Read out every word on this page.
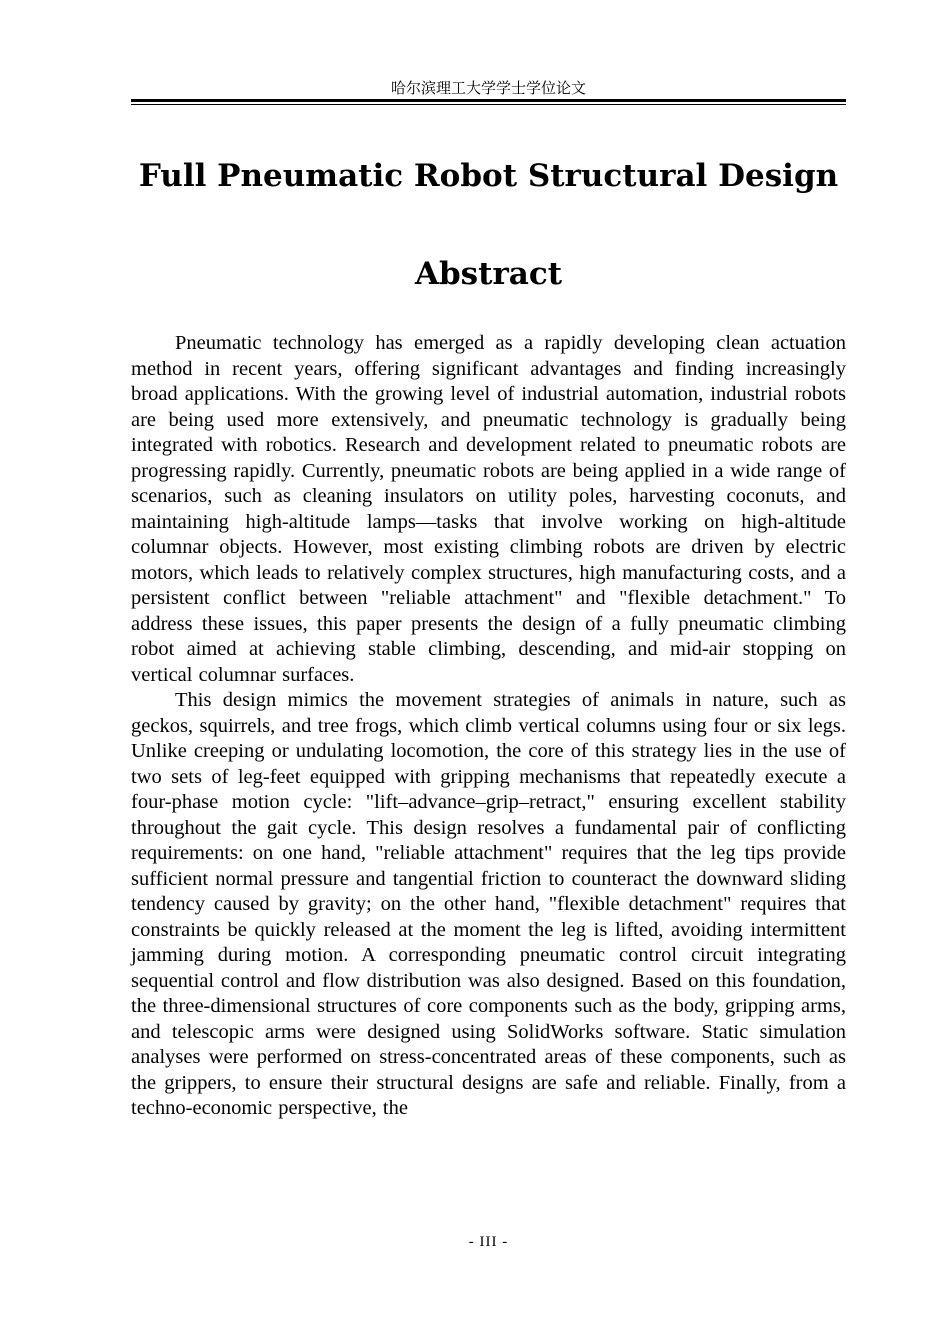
哈尔滨理工大学学士学位论文
Full Pneumatic Robot Structural Design
Abstract

Pneumatic technology has emerged as a rapidly developing clean actuation method in recent years, offering significant advantages and finding increasingly broad applications. With the growing level of industrial automation, industrial robots are being used more extensively, and pneumatic technology is gradually being integrated with robotics. Research and development related to pneumatic robots are progressing rapidly. Currently, pneumatic robots are being applied in a wide range of scenarios, such as cleaning insulators on utility poles, harvesting coconuts, and maintaining high-altitude lamps—tasks that involve working on high-altitude columnar objects. However, most existing climbing robots are driven by electric motors, which leads to relatively complex structures, high manufacturing costs, and a persistent conflict between "reliable attachment" and "flexible detachment." To address these issues, this paper presents the design of a fully pneumatic climbing robot aimed at achieving stable climbing, descending, and mid-air stopping on vertical columnar surfaces.

This design mimics the movement strategies of animals in nature, such as geckos, squirrels, and tree frogs, which climb vertical columns using four or six legs. Unlike creeping or undulating locomotion, the core of this strategy lies in the use of two sets of leg-feet equipped with gripping mechanisms that repeatedly execute a four-phase motion cycle: "lift–advance–grip–retract," ensuring excellent stability throughout the gait cycle. This design resolves a fundamental pair of conflicting requirements: on one hand, "reliable attachment" requires that the leg tips provide sufficient normal pressure and tangential friction to counteract the downward sliding tendency caused by gravity; on the other hand, "flexible detachment" requires that constraints be quickly released at the moment the leg is lifted, avoiding intermittent jamming during motion. A corresponding pneumatic control circuit integrating sequential control and flow distribution was also designed. Based on this foundation, the three-dimensional structures of core components such as the body, gripping arms, and telescopic arms were designed using SolidWorks software. Static simulation analyses were performed on stress-concentrated areas of these components, such as the grippers, to ensure their structural designs are safe and reliable. Finally, from a techno-economic perspective, the

- III -
